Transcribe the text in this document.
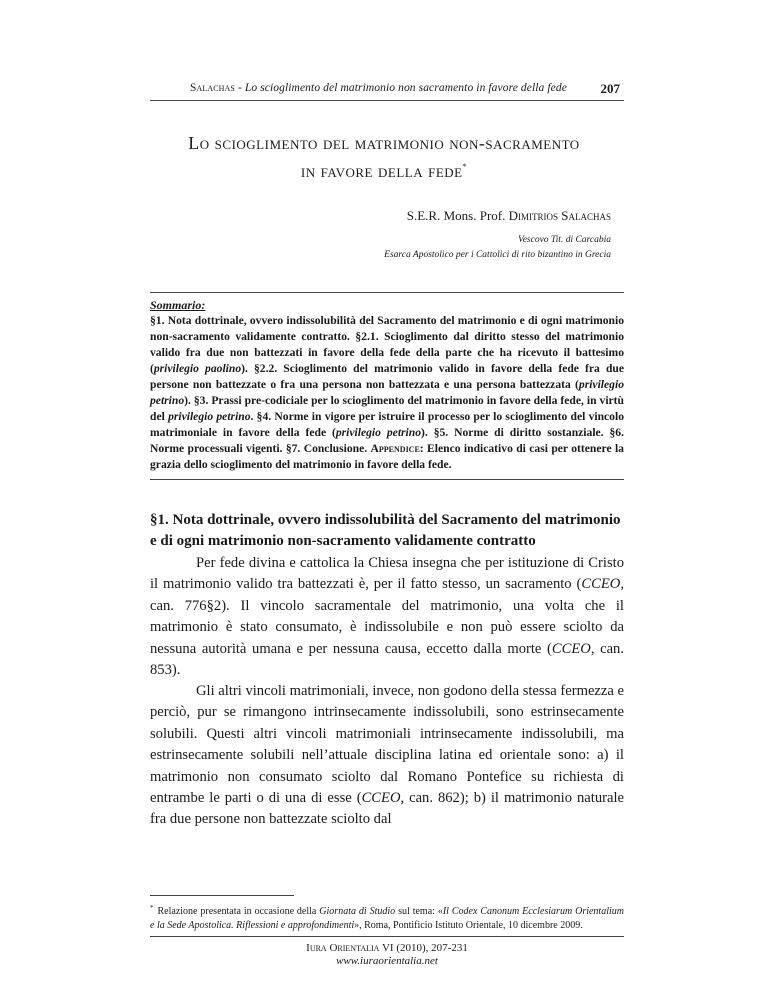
Salachas - Lo scioglimento del matrimonio non sacramento in favore della fede	207
Lo scioglimento del matrimonio non-sacramento
in favore della fede*
S.E.R. Mons. Prof. Dimitrios Salachas
Vescovo Tit. di Carcabia
Esarca Apostolico per i Cattolici di rito bizantino in Grecia
Sommario:
§1. Nota dottrinale, ovvero indissolubilità del Sacramento del matrimonio e di ogni matrimonio non-sacramento validamente contratto. §2.1. Scioglimento dal diritto stesso del matrimonio valido fra due non battezzati in favore della fede della parte che ha ricevuto il battesimo (privilegio paolino). §2.2. Scioglimento del matrimonio valido in favore della fede fra due persone non battezzate o fra una persona non battezzata e una persona battezzata (privilegio petrino). §3. Prassi pre-codiciale per lo scioglimento del matrimonio in favore della fede, in virtù del privilegio petrino. §4. Norme in vigore per istruire il processo per lo scioglimento del vincolo matrimoniale in favore della fede (privilegio petrino). §5. Norme di diritto sostanziale. §6. Norme processuali vigenti. §7. Conclusione. Appendice: Elenco indicativo di casi per ottenere la grazia dello scioglimento del matrimonio in favore della fede.
§1. Nota dottrinale, ovvero indissolubilità del Sacramento del matrimonio e di ogni matrimonio non-sacramento validamente contratto

Per fede divina e cattolica la Chiesa insegna che per istituzione di Cristo il matrimonio valido tra battezzati è, per il fatto stesso, un sacramento (CCEO, can. 776§2). Il vincolo sacramentale del matrimonio, una volta che il matrimonio è stato consumato, è indissolubile e non può essere sciolto da nessuna autorità umana e per nessuna causa, eccetto dalla morte (CCEO, can. 853).

Gli altri vincoli matrimoniali, invece, non godono della stessa fermezza e perciò, pur se rimangono intrinsecamente indissolubili, sono estrinsecamente solubili. Questi altri vincoli matrimoniali intrinsecamente indissolubili, ma estrinsecamente solubili nell’attuale disciplina latina ed orientale sono: a) il matrimonio non consumato sciolto dal Romano Pontefice su richiesta di entrambe le parti o di una di esse (CCEO, can. 862); b) il matrimonio naturale fra due persone non battezzate sciolto dal

* Relazione presentata in occasione della Giornata di Studio sul tema: «Il Codex Canonum Ecclesiarum Orientalium e la Sede Apostolica. Riflessioni e approfondimenti», Roma, Pontificio Istituto Orientale, 10 dicembre 2009.
Iura Orientalia VI (2010), 207-231
www.iuraorientalia.net
